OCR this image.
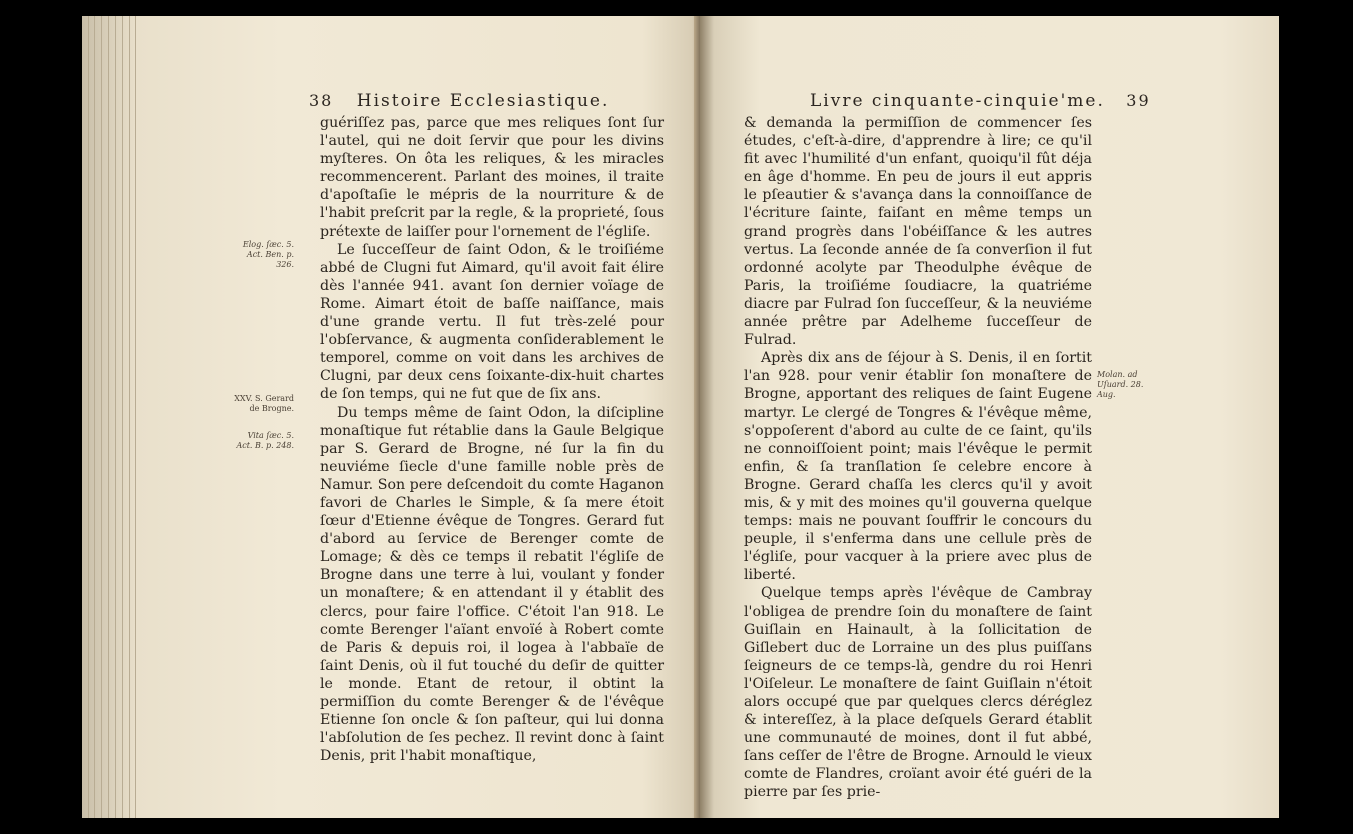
38 Histoire Ecclesiastique.
Elog. ſæc. 5. Act. Ben. p. 326.
XXV. S. Gerard de Brogne.
Vita ſæc. 5. Act. B. p. 248.

guériſſez pas, parce que mes reliques ſont ſur l'autel, qui ne doit ſervir que pour les divins myſteres. On ôta les reliques, & les miracles recommencerent. Parlant des moines, il traite d'apoſtaſie le mépris de la nourriture & de l'habit preſcrit par la regle, & la proprieté, ſous prétexte de laiſſer pour l'ornement de l'égliſe.

Le ſucceſſeur de ſaint Odon, & le troiſiéme abbé de Clugni fut Aimard, qu'il avoit fait élire dès l'année 941. avant ſon dernier voïage de Rome. Aimart étoit de baſſe naiſſance, mais d'une grande vertu. Il fut très-zelé pour l'obſervance, & augmenta conſiderablement le temporel, comme on voit dans les archives de Clugni, par deux cens ſoixante-dix-huit chartes de ſon temps, qui ne fut que de ſix ans.

Du temps même de ſaint Odon, la diſcipline monaſtique fut rétablie dans la Gaule Belgique par S. Gerard de Brogne, né ſur la fin du neuviéme ſiecle d'une famille noble près de Namur. Son pere deſcendoit du comte Haganon favori de Charles le Simple, & ſa mere étoit ſœur d'Etienne évêque de Tongres. Gerard fut d'abord au ſervice de Berenger comte de Lomage; & dès ce temps il rebatit l'égliſe de Brogne dans une terre à lui, voulant y fonder un monaſtere; & en attendant il y établit des clercs, pour faire l'office. C'étoit l'an 918. Le comte Berenger l'aïant envoïé à Robert comte de Paris & depuis roi, il logea à l'abbaïe de ſaint Denis, où il fut touché du deſir de quitter le monde. Etant de retour, il obtint la permiſſion du comte Berenger & de l'évêque Etienne ſon oncle & ſon paſteur, qui lui donna l'abſolution de ſes pechez. Il revint donc à ſaint Denis, prit l'habit monaſtique,

Livre cinquante-cinquie'me. 39

& demanda la permiſſion de commencer ſes études, c'eſt-à-dire, d'apprendre à lire; ce qu'il fit avec l'humilité d'un enfant, quoiqu'il fût déja en âge d'homme. En peu de jours il eut appris le pſeautier & s'avança dans la connoiſſance de l'écriture ſainte, faiſant en même temps un grand progrès dans l'obéiſſance & les autres vertus. La ſeconde année de ſa converſion il fut ordonné acolyte par Theodulphe évêque de Paris, la troiſiéme ſoudiacre, la quatriéme diacre par Fulrad ſon ſucceſſeur, & la neuviéme année prêtre par Adelheme ſucceſſeur de Fulrad.

Après dix ans de ſéjour à S. Denis, il en ſortit l'an 928. pour venir établir ſon monaſtere de Brogne, apportant des reliques de ſaint Eugene martyr. Le clergé de Tongres & l'évêque même, s'oppoſerent d'abord au culte de ce ſaint, qu'ils ne connoiſſoient point; mais l'évêque le permit enfin, & ſa tranſlation ſe celebre encore à Brogne. Gerard chaſſa les clercs qu'il y avoit mis, & y mit des moines qu'il gouverna quelque temps: mais ne pouvant ſouffrir le concours du peuple, il s'enferma dans une cellule près de l'égliſe, pour vacquer à la priere avec plus de liberté.

Quelque temps après l'évêque de Cambray l'obligea de prendre ſoin du monaſtere de ſaint Guiſlain en Hainault, à la ſollicitation de Giſlebert duc de Lorraine un des plus puiſſans ſeigneurs de ce temps-là, gendre du roi Henri l'Oiſeleur. Le monaſtere de ſaint Guiſlain n'étoit alors occupé que par quelques clercs déréglez & intereſſez, à la place deſquels Gerard établit une communauté de moines, dont il fut abbé, ſans ceſſer de l'être de Brogne. Arnould le vieux comte de Flandres, croïant avoir été guéri de la pierre par ſes prie-

Molan. ad Uſuard. 28. Aug.
